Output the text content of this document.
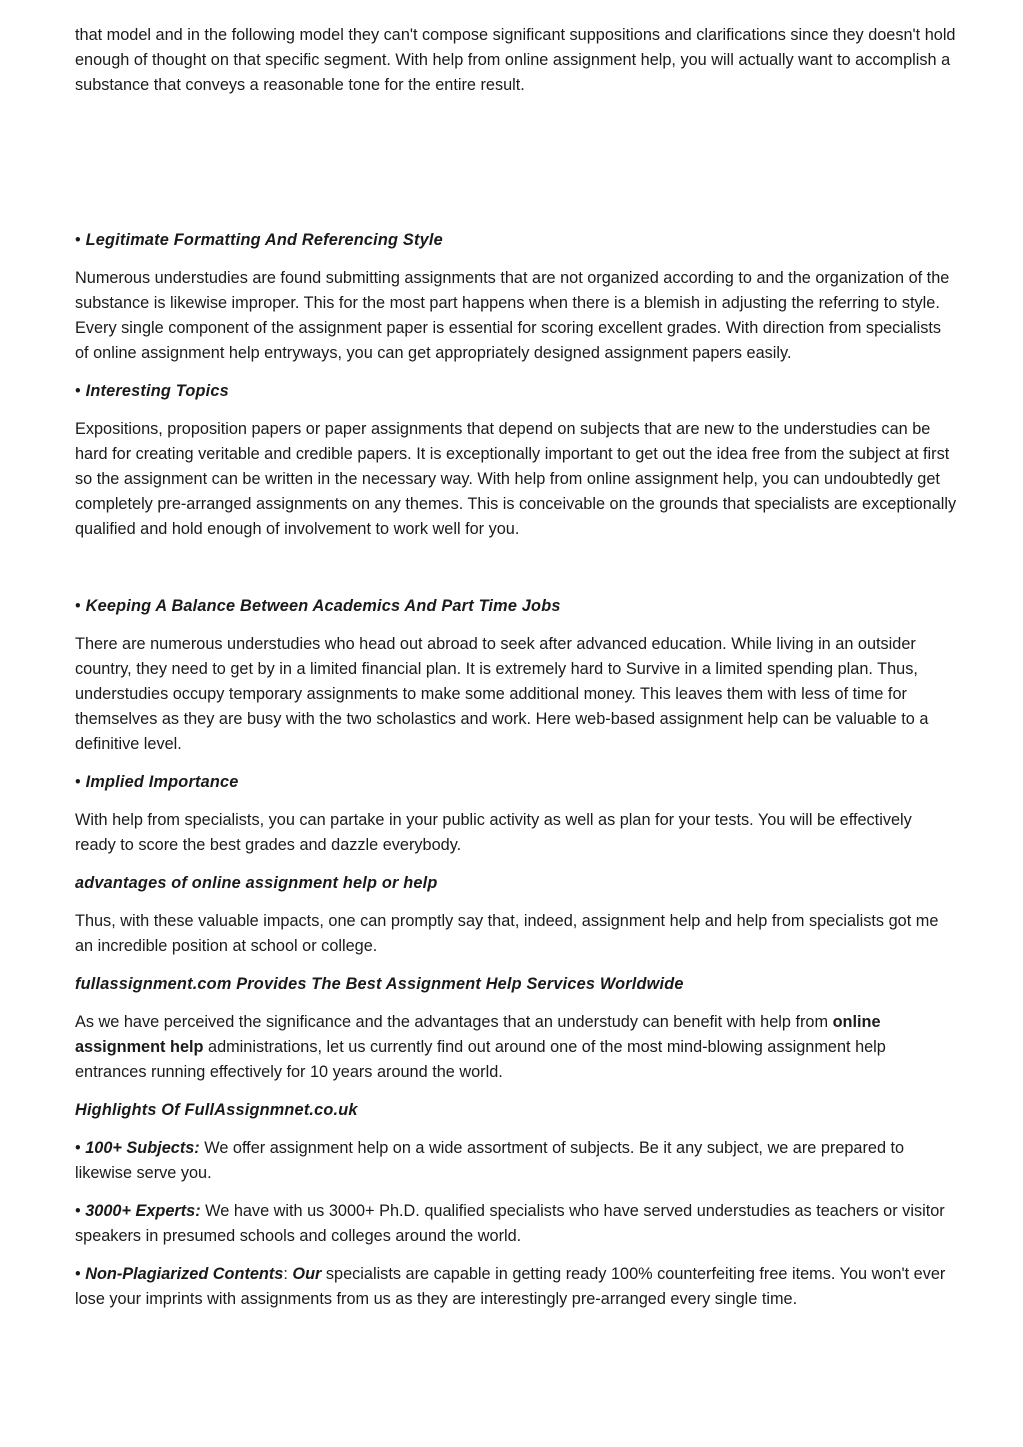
that model and in the following model they can't compose significant suppositions and clarifications since they doesn't hold enough of thought on that specific segment. With help from online assignment help, you will actually want to accomplish a substance that conveys a reasonable tone for the entire result.

• Legitimate Formatting And Referencing Style

Numerous understudies are found submitting assignments that are not organized according to and the organization of the substance is likewise improper. This for the most part happens when there is a blemish in adjusting the referring to style. Every single component of the assignment paper is essential for scoring excellent grades. With direction from specialists of online assignment help entryways, you can get appropriately designed assignment papers easily.

• Interesting Topics

Expositions, proposition papers or paper assignments that depend on subjects that are new to the understudies can be hard for creating veritable and credible papers. It is exceptionally important to get out the idea free from the subject at first so the assignment can be written in the necessary way. With help from online assignment help, you can undoubtedly get completely pre-arranged assignments on any themes. This is conceivable on the grounds that specialists are exceptionally qualified and hold enough of involvement to work well for you.

• Keeping A Balance Between Academics And Part Time Jobs

There are numerous understudies who head out abroad to seek after advanced education. While living in an outsider country, they need to get by in a limited financial plan. It is extremely hard to Survive in a limited spending plan. Thus, understudies occupy temporary assignments to make some additional money. This leaves them with less of time for themselves as they are busy with the two scholastics and work. Here web-based assignment help can be valuable to a definitive level.

• Implied Importance

With help from specialists, you can partake in your public activity as well as plan for your tests. You will be effectively ready to score the best grades and dazzle everybody.

advantages of online assignment help or help

Thus, with these valuable impacts, one can promptly say that, indeed, assignment help and help from specialists got me an incredible position at school or college.

fullassignment.com Provides The Best Assignment Help Services Worldwide

As we have perceived the significance and the advantages that an understudy can benefit with help from online assignment help administrations, let us currently find out around one of the most mind-blowing assignment help entrances running effectively for 10 years around the world.

Highlights Of FullAssignmnet.co.uk

• 100+ Subjects: We offer assignment help on a wide assortment of subjects. Be it any subject, we are prepared to likewise serve you.

• 3000+ Experts: We have with us 3000+ Ph.D. qualified specialists who have served understudies as teachers or visitor speakers in presumed schools and colleges around the world.

• Non-Plagiarized Contents: Our specialists are capable in getting ready 100% counterfeiting free items. You won't ever lose your imprints with assignments from us as they are interestingly pre-arranged every single time.
